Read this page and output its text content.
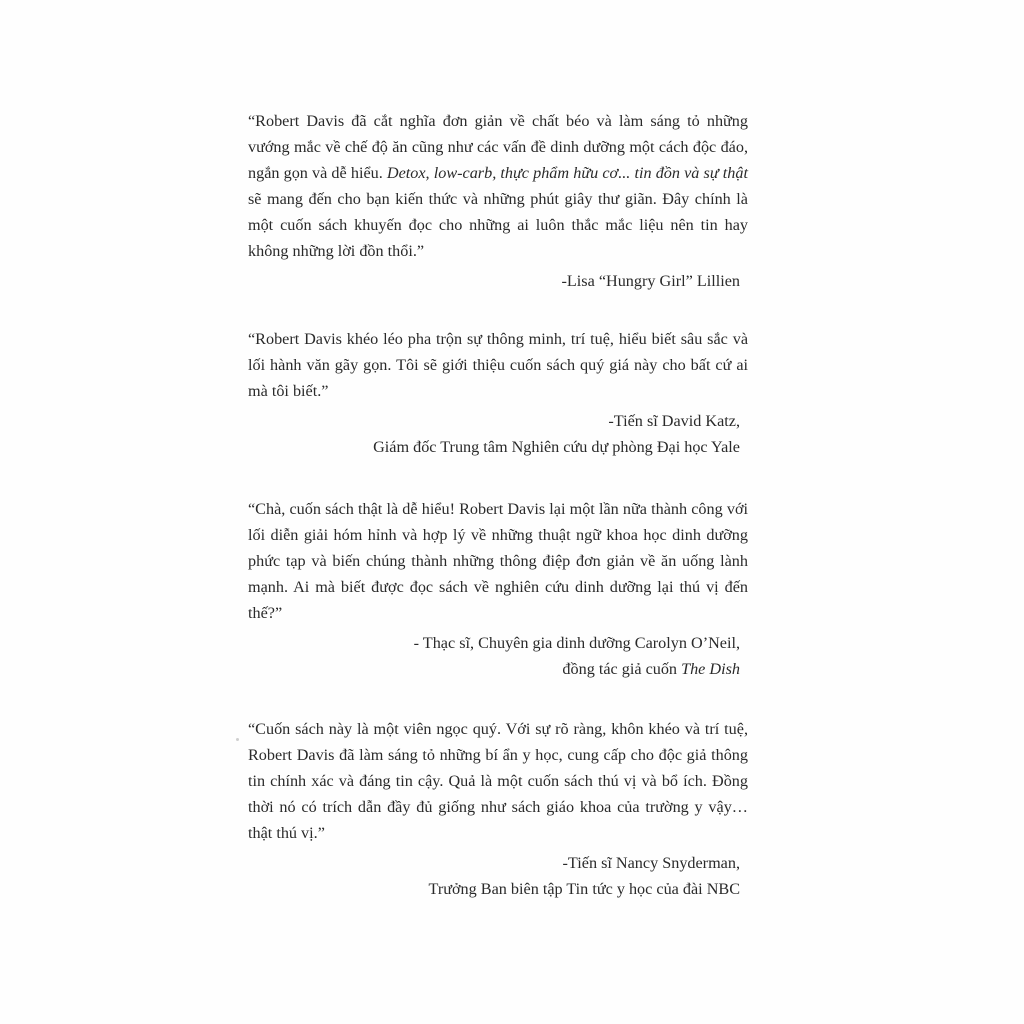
“Robert Davis đã cắt nghĩa đơn giản về chất béo và làm sáng tỏ những vướng mắc về chế độ ăn cũng như các vấn đề dinh dưỡng một cách độc đáo, ngắn gọn và dễ hiểu. Detox, low-carb, thực phẩm hữu cơ... tin đồn và sự thật sẽ mang đến cho bạn kiến thức và những phút giây thư giãn. Đây chính là một cuốn sách khuyến đọc cho những ai luôn thắc mắc liệu nên tin hay không những lời đồn thổi.”

-Lisa “Hungry Girl” Lillien

“Robert Davis khéo léo pha trộn sự thông minh, trí tuệ, hiểu biết sâu sắc và lối hành văn gãy gọn. Tôi sẽ giới thiệu cuốn sách quý giá này cho bất cứ ai mà tôi biết.”

-Tiến sĩ David Katz,

Giám đốc Trung tâm Nghiên cứu dự phòng Đại học Yale

“Chà, cuốn sách thật là dễ hiểu! Robert Davis lại một lần nữa thành công với lối diễn giải hóm hỉnh và hợp lý về những thuật ngữ khoa học dinh dưỡng phức tạp và biến chúng thành những thông điệp đơn giản về ăn uống lành mạnh. Ai mà biết được đọc sách về nghiên cứu dinh dưỡng lại thú vị đến thế?”

- Thạc sĩ, Chuyên gia dinh dưỡng Carolyn O’Neil,

đồng tác giả cuốn The Dish

“Cuốn sách này là một viên ngọc quý. Với sự rõ ràng, khôn khéo và trí tuệ, Robert Davis đã làm sáng tỏ những bí ẩn y học, cung cấp cho độc giả thông tin chính xác và đáng tin cậy. Quả là một cuốn sách thú vị và bổ ích. Đồng thời nó có trích dẫn đầy đủ giống như sách giáo khoa của trường y vậy… thật thú vị.”

-Tiến sĩ Nancy Snyderman,

Trưởng Ban biên tập Tin tức y học của đài NBC
